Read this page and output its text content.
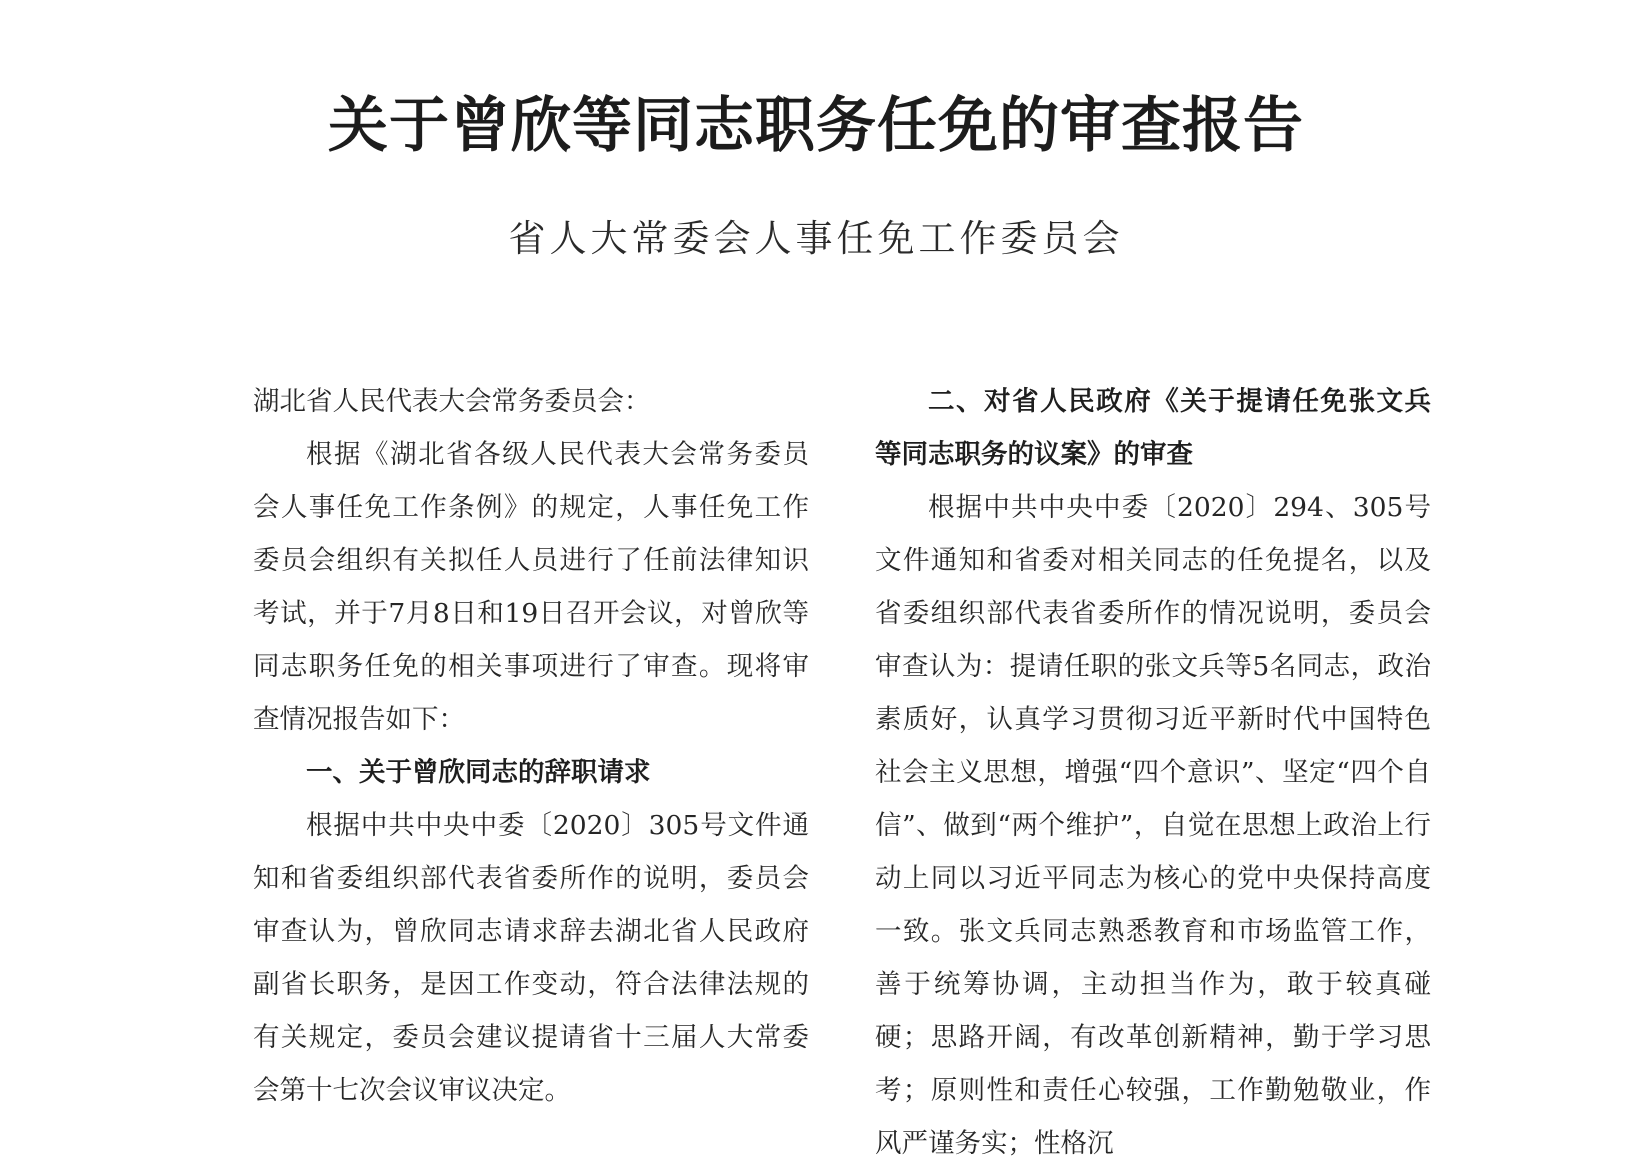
关于曾欣等同志职务任免的审查报告
省人大常委会人事任免工作委员会

湖北省人民代表大会常务委员会：

根据《湖北省各级人民代表大会常务委员会人事任免工作条例》的规定，人事任免工作委员会组织有关拟任人员进行了任前法律知识考试，并于7月8日和19日召开会议，对曾欣等同志职务任免的相关事项进行了审查。现将审查情况报告如下：

一、关于曾欣同志的辞职请求

根据中共中央中委〔2020〕305号文件通知和省委组织部代表省委所作的说明，委员会审查认为，曾欣同志请求辞去湖北省人民政府副省长职务，是因工作变动，符合法律法规的有关规定，委员会建议提请省十三届人大常委会第十七次会议审议决定。

二、对省人民政府《关于提请任免张文兵等同志职务的议案》的审查

根据中共中央中委〔2020〕294、305号文件通知和省委对相关同志的任免提名，以及省委组织部代表省委所作的情况说明，委员会审查认为：提请任职的张文兵等5名同志，政治素质好，认真学习贯彻习近平新时代中国特色社会主义思想，增强“四个意识”、坚定“四个自信”、做到“两个维护”，自觉在思想上政治上行动上同以习近平同志为核心的党中央保持高度一致。张文兵同志熟悉教育和市场监管工作，善于统筹协调，主动担当作为，敢于较真碰硬；思路开阔，有改革创新精神，勤于学习思考；原则性和责任心较强，工作勤勉敬业，作风严谨务实；性格沉
